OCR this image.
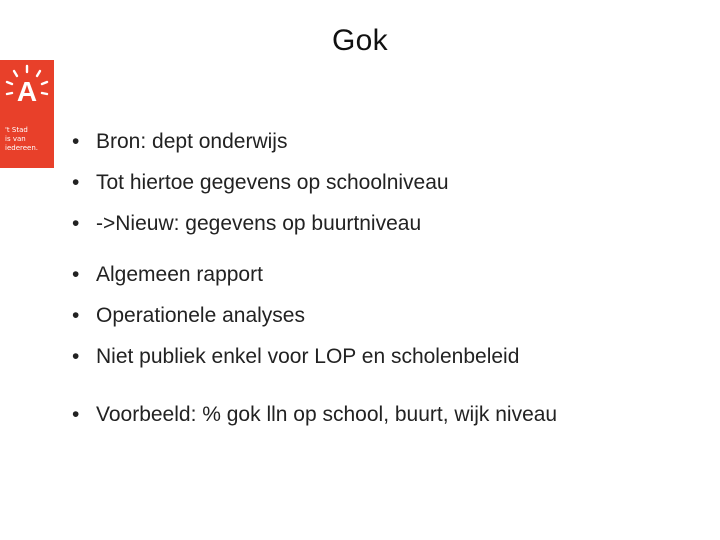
Gok
A
't Stad
is van
iedereen.	• Bron: dept onderwijs
• Tot hiertoe gegevens op schoolniveau
• ->Nieuw: gegevens op buurtniveau
• Algemeen rapport
• Operationele analyses
• Niet publiek enkel voor LOP en scholenbeleid
• Voorbeeld: % gok lln op school, buurt, wijk niveau
